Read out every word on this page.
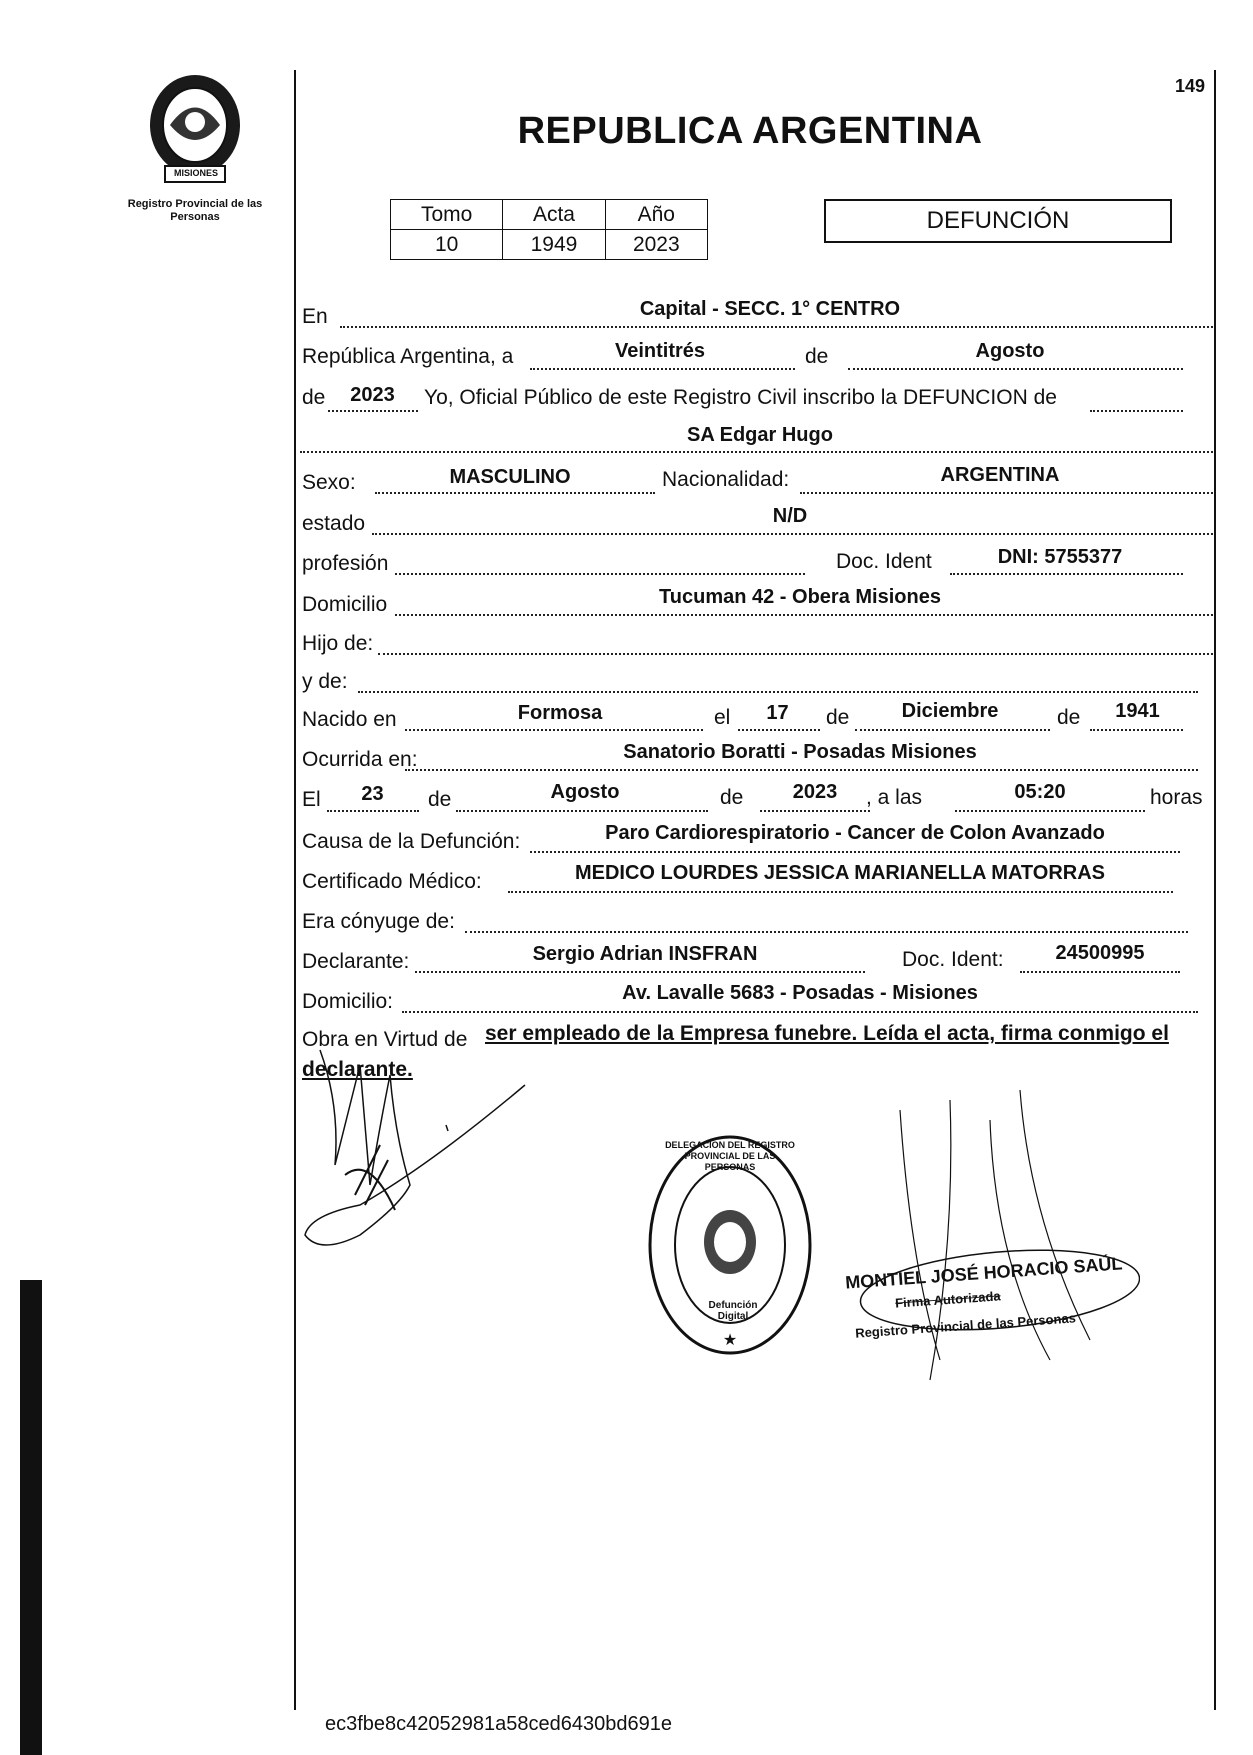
MISIONES
Registro Provincial de las Personas
149
REPUBLICA ARGENTINA
Tomo	Acta	Año
10	1949	2023
DEFUNCIÓN
En	Capital - SECC. 1° CENTRO
República Argentina, a	Veintitrés	de	Agosto
de	2023	Yo, Oficial Público de este Registro Civil inscribo la DEFUNCION de
SA Edgar Hugo
Sexo:	MASCULINO	Nacionalidad:	ARGENTINA
estado	N/D
profesión	Doc. Ident	DNI: 5755377
Domicilio	Tucuman 42 - Obera Misiones
Hijo de:
y de:
Nacido en	Formosa	el	17	de	Diciembre	de	1941
Ocurrida en:	Sanatorio Boratti - Posadas Misiones
El	23	de	Agosto	de	2023	, a las	05:20	horas
Causa de la Defunción:	Paro Cardiorespiratorio - Cancer de Colon Avanzado
Certificado Médico:	MEDICO LOURDES JESSICA MARIANELLA MATORRAS
Era cónyuge de:
Declarante:	Sergio Adrian INSFRAN	Doc. Ident:	24500995
Domicilio:	Av. Lavalle 5683 - Posadas - Misiones
Obra en Virtud de ser empleado de la Empresa funebre. Leída el acta, firma conmigo el
declarante.
★
DELEGACION DEL REGISTRO PROVINCIAL DE LAS PERSONAS
Defunción Digital
MONTIEL JOSÉ HORACIO SAÚL
Firma Autorizada
Registro Provincial de las Personas
ec3fbe8c42052981a58ced6430bd691e
